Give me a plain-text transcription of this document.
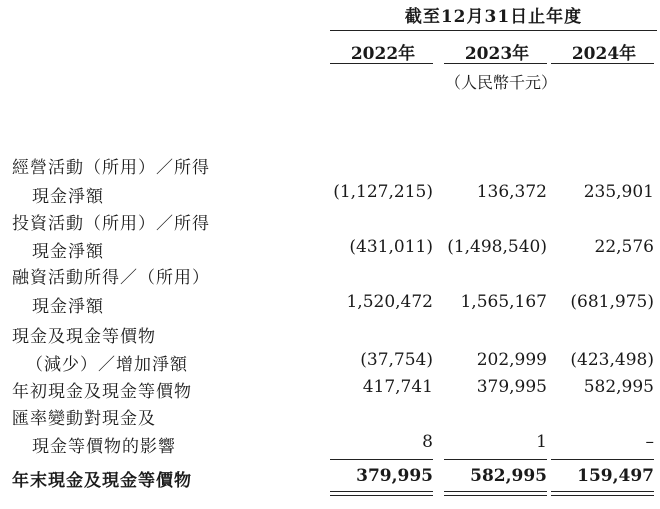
截至12月31日止年度
2022年	2023年	2024年
（人民幣千元）
經營活動（所用）／所得
現金淨額	(1,127,215)	136,372	235,901
投資活動（所用）／所得
現金淨額	(431,011) (1,498,540)	22,576
融資活動所得／（所用）
現金淨額	1,520,472	1,565,167	(681,975)
現金及現金等價物
（減少）／增加淨額	(37,754)	202,999	(423,498)
年初現金及現金等價物	417,741	379,995	582,995
匯率變動對現金及
現金等價物的影響	8	1	–
年末現金及現金等價物	379,995	582,995	159,497
